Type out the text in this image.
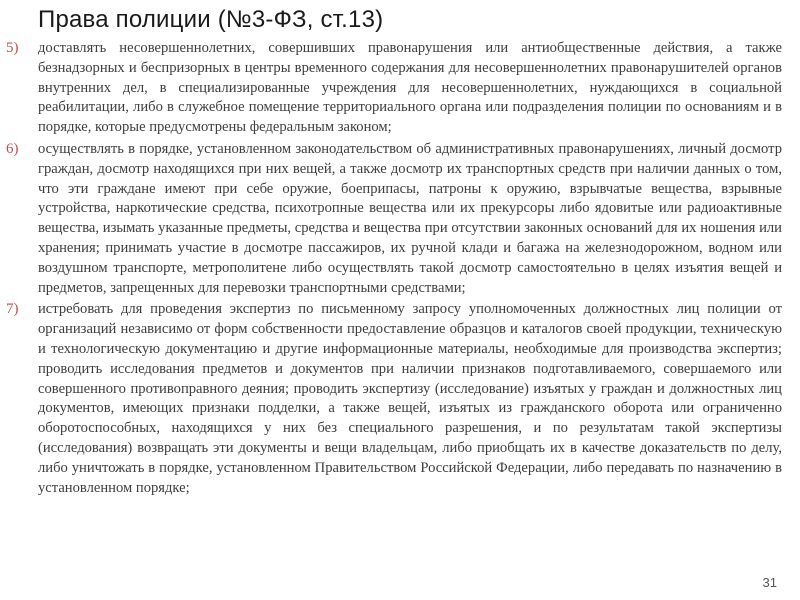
Права полиции (№3-ФЗ, ст.13)
5) доставлять несовершеннолетних, совершивших правонарушения или антиобщественные действия, а также безнадзорных и беспризорных в центры временного содержания для несовершеннолетних правонарушителей органов внутренних дел, в специализированные учреждения для несовершеннолетних, нуждающихся в социальной реабилитации, либо в служебное помещение территориального органа или подразделения полиции по основаниям и в порядке, которые предусмотрены федеральным законом;
6) осуществлять в порядке, установленном законодательством об административных правонарушениях, личный досмотр граждан, досмотр находящихся при них вещей, а также досмотр их транспортных средств при наличии данных о том, что эти граждане имеют при себе оружие, боеприпасы, патроны к оружию, взрывчатые вещества, взрывные устройства, наркотические средства, психотропные вещества или их прекурсоры либо ядовитые или радиоактивные вещества, изымать указанные предметы, средства и вещества при отсутствии законных оснований для их ношения или хранения; принимать участие в досмотре пассажиров, их ручной клади и багажа на железнодорожном, водном или воздушном транспорте, метрополитене либо осуществлять такой досмотр самостоятельно в целях изъятия вещей и предметов, запрещенных для перевозки транспортными средствами;
7) истребовать для проведения экспертиз по письменному запросу уполномоченных должностных лиц полиции от организаций независимо от форм собственности предоставление образцов и каталогов своей продукции, техническую и технологическую документацию и другие информационные материалы, необходимые для производства экспертиз; проводить исследования предметов и документов при наличии признаков подготавливаемого, совершаемого или совершенного противоправного деяния; проводить экспертизу (исследование) изъятых у граждан и должностных лиц документов, имеющих признаки подделки, а также вещей, изъятых из гражданского оборота или ограниченно оборотоспособных, находящихся у них без специального разрешения, и по результатам такой экспертизы (исследования) возвращать эти документы и вещи владельцам, либо приобщать их в качестве доказательств по делу, либо уничтожать в порядке, установленном Правительством Российской Федерации, либо передавать по назначению в установленном порядке;
31
